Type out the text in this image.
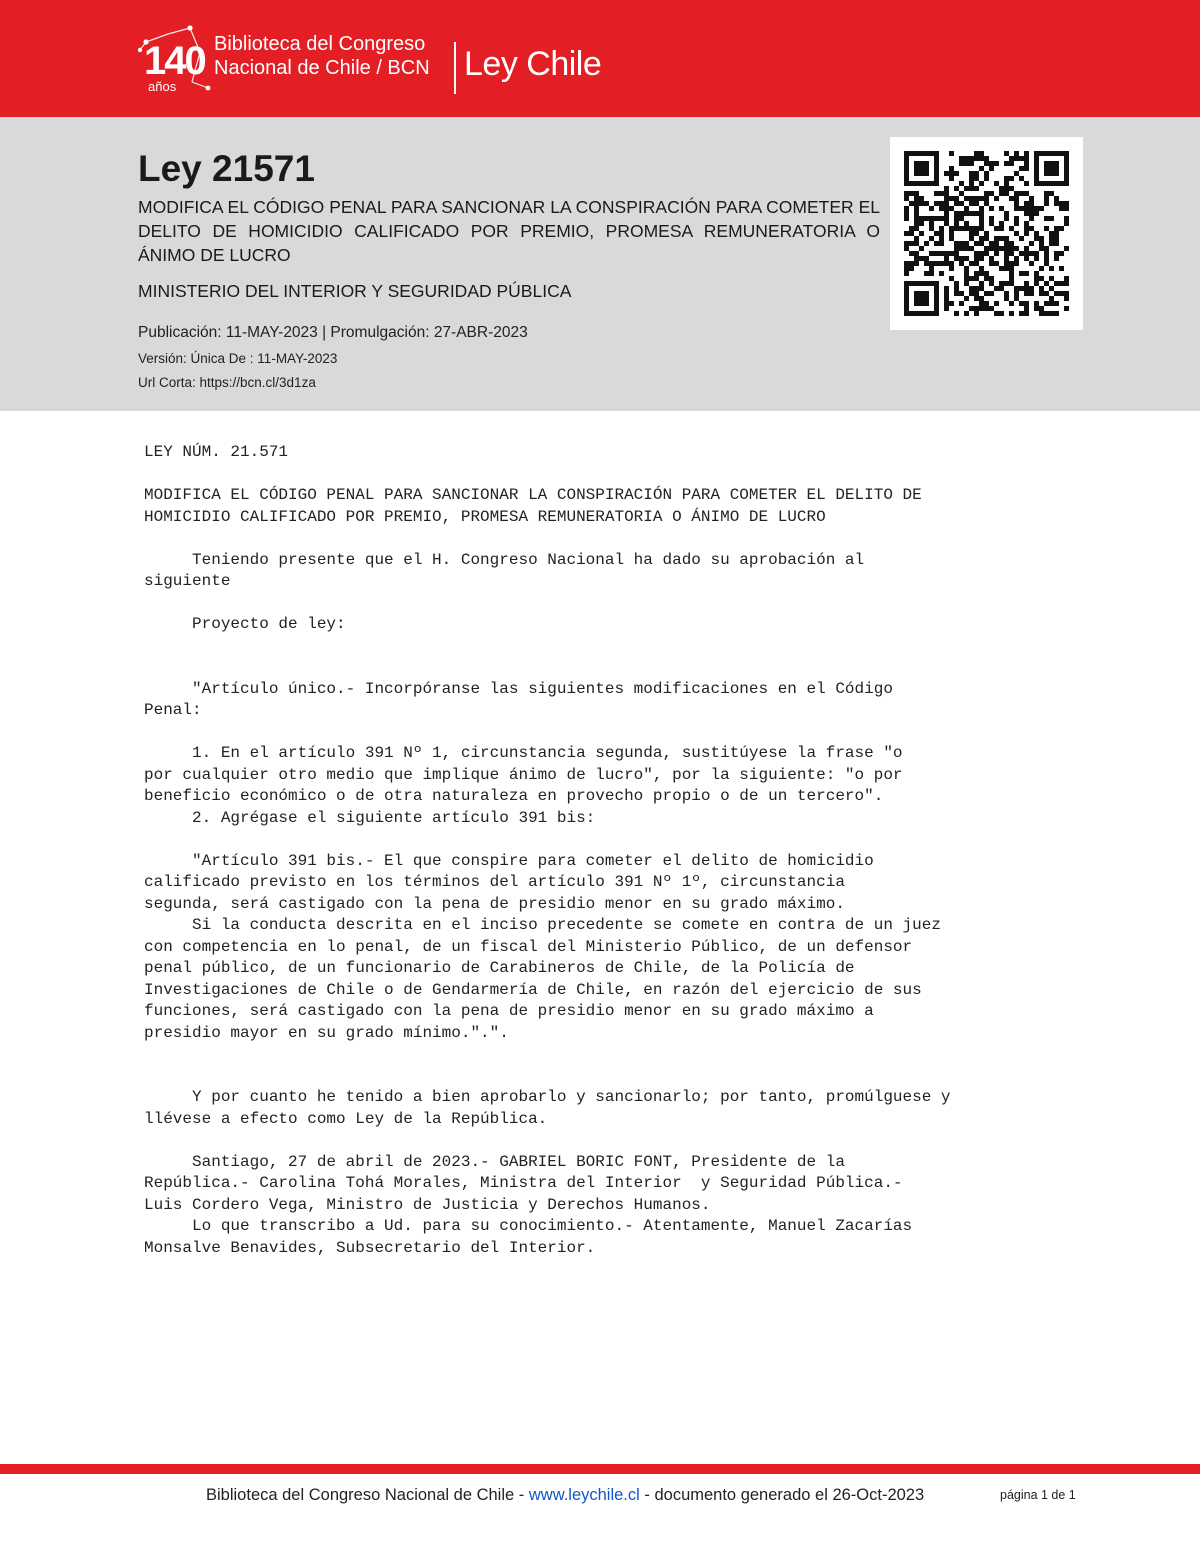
140
años
Biblioteca del Congreso
Nacional de Chile / BCN Ley Chile
Ley 21571

MODIFICA EL CÓDIGO PENAL PARA SANCIONAR LA CONSPIRACIÓN PARA COMETER EL DELITO DE HOMICIDIO CALIFICADO POR PREMIO, PROMESA REMUNERATORIA O ÁNIMO DE LUCRO

MINISTERIO DEL INTERIOR Y SEGURIDAD PÚBLICA

Publicación: 11-MAY-2023 | Promulgación: 27-ABR-2023

Versión: Única De : 11-MAY-2023

Url Corta: https://bcn.cl/3d1za

LEY NÚM. 21.571

MODIFICA EL CÓDIGO PENAL PARA SANCIONAR LA CONSPIRACIÓN PARA COMETER EL DELITO DE

HOMICIDIO CALIFICADO POR PREMIO, PROMESA REMUNERATORIA O ÁNIMO DE LUCRO

Teniendo presente que el H. Congreso Nacional ha dado su aprobación al

siguiente

Proyecto de ley:

"Artículo único.- Incorpóranse las siguientes modificaciones en el Código

Penal:

1. En el artículo 391 Nº 1, circunstancia segunda, sustitúyese la frase "o

por cualquier otro medio que implique ánimo de lucro", por la siguiente: "o por

beneficio económico o de otra naturaleza en provecho propio o de un tercero".

2. Agrégase el siguiente artículo 391 bis:

"Artículo 391 bis.- El que conspire para cometer el delito de homicidio

calificado previsto en los términos del artículo 391 Nº 1º, circunstancia

segunda, será castigado con la pena de presidio menor en su grado máximo.

Si la conducta descrita en el inciso precedente se comete en contra de un juez

con competencia en lo penal, de un fiscal del Ministerio Público, de un defensor

penal público, de un funcionario de Carabineros de Chile, de la Policía de

Investigaciones de Chile o de Gendarmería de Chile, en razón del ejercicio de sus

funciones, será castigado con la pena de presidio menor en su grado máximo a

presidio mayor en su grado mínimo.".".

Y por cuanto he tenido a bien aprobarlo y sancionarlo; por tanto, promúlguese y

llévese a efecto como Ley de la República.

Santiago, 27 de abril de 2023.- GABRIEL BORIC FONT, Presidente de la

República.- Carolina Tohá Morales, Ministra del Interior  y Seguridad Pública.-

Luis Cordero Vega, Ministro de Justicia y Derechos Humanos.

Lo que transcribo a Ud. para su conocimiento.- Atentamente, Manuel Zacarías

Monsalve Benavides, Subsecretario del Interior.

Biblioteca del Congreso Nacional de Chile - www.leychile.cl - documento generado el 26-Oct-2023	página 1 de 1
